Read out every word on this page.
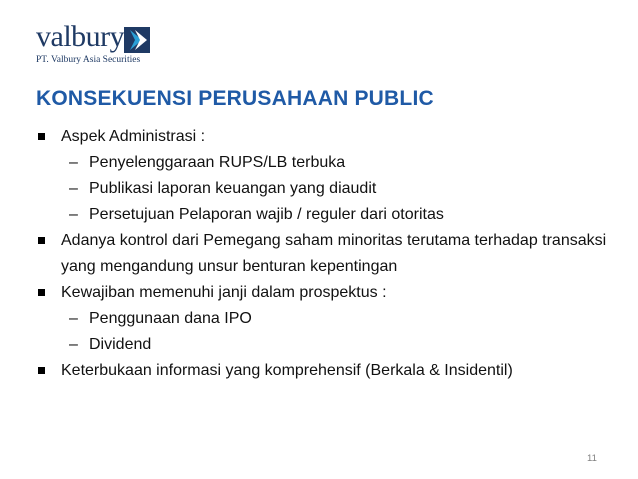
valbury
PT. Valbury Asia Securities
KONSEKUENSI PERUSAHAAN PUBLIC
Aspek Administrasi :
– Penyelenggaraan RUPS/LB terbuka
– Publikasi laporan keuangan yang diaudit
– Persetujuan Pelaporan wajib / reguler dari otoritas
Adanya kontrol dari Pemegang saham minoritas terutama terhadap transaksi yang mengandung unsur benturan kepentingan
Kewajiban memenuhi janji dalam prospektus :
– Penggunaan dana IPO
– Dividend
Keterbukaan informasi yang komprehensif (Berkala & Insidentil)
11
